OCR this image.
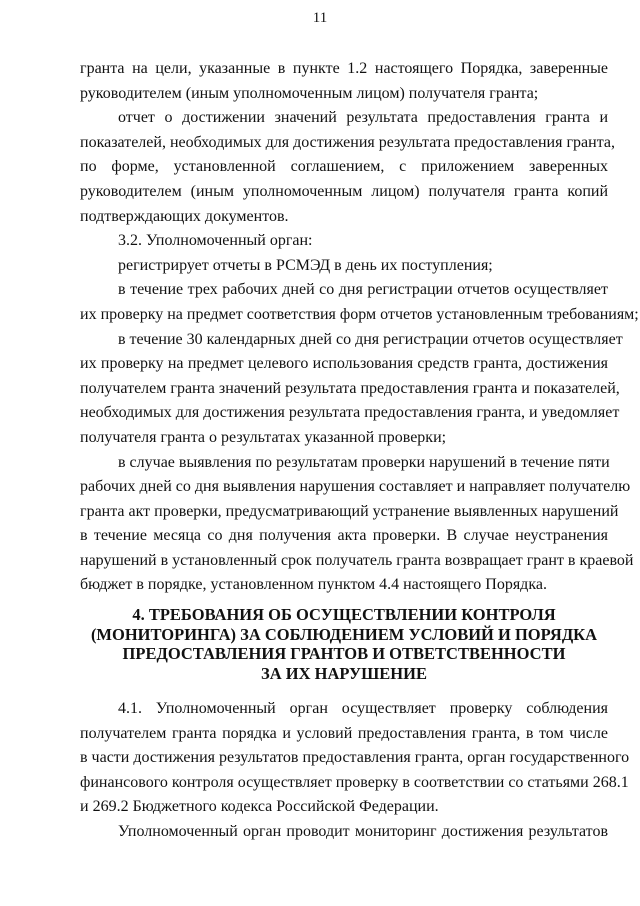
11
гранта на цели, указанные в пункте 1.2 настоящего Порядка, заверенные
руководителем (иным уполномоченным лицом) получателя гранта;
отчет о достижении значений результата предоставления гранта и
показателей, необходимых для достижения результата предоставления гранта,
по форме, установленной соглашением, с приложением заверенных
руководителем (иным уполномоченным лицом) получателя гранта копий
подтверждающих документов.
3.2. Уполномоченный орган:
регистрирует отчеты в РСМЭД в день их поступления;
в течение трех рабочих дней со дня регистрации отчетов осуществляет
их проверку на предмет соответствия форм отчетов установленным требованиям;
в течение 30 календарных дней со дня регистрации отчетов осуществляет
их проверку на предмет целевого использования средств гранта, достижения
получателем гранта значений результата предоставления гранта и показателей,
необходимых для достижения результата предоставления гранта, и уведомляет
получателя гранта о результатах указанной проверки;
в случае выявления по результатам проверки нарушений в течение пяти
рабочих дней со дня выявления нарушения составляет и направляет получателю
гранта акт проверки, предусматривающий устранение выявленных нарушений
в течение месяца со дня получения акта проверки. В случае неустранения
нарушений в установленный срок получатель гранта возвращает грант в краевой
бюджет в порядке, установленном пунктом 4.4 настоящего Порядка.
4. ТРЕБОВАНИЯ ОБ ОСУЩЕСТВЛЕНИИ КОНТРОЛЯ
(МОНИТОРИНГА) ЗА СОБЛЮДЕНИЕМ УСЛОВИЙ И ПОРЯДКА
ПРЕДОСТАВЛЕНИЯ ГРАНТОВ И ОТВЕТСТВЕННОСТИ
ЗА ИХ НАРУШЕНИЕ
4.1. Уполномоченный орган осуществляет проверку соблюдения
получателем гранта порядка и условий предоставления гранта, в том числе
в части достижения результатов предоставления гранта, орган государственного
финансового контроля осуществляет проверку в соответствии со статьями 268.1
и 269.2 Бюджетного кодекса Российской Федерации.
Уполномоченный орган проводит мониторинг достижения результатов
